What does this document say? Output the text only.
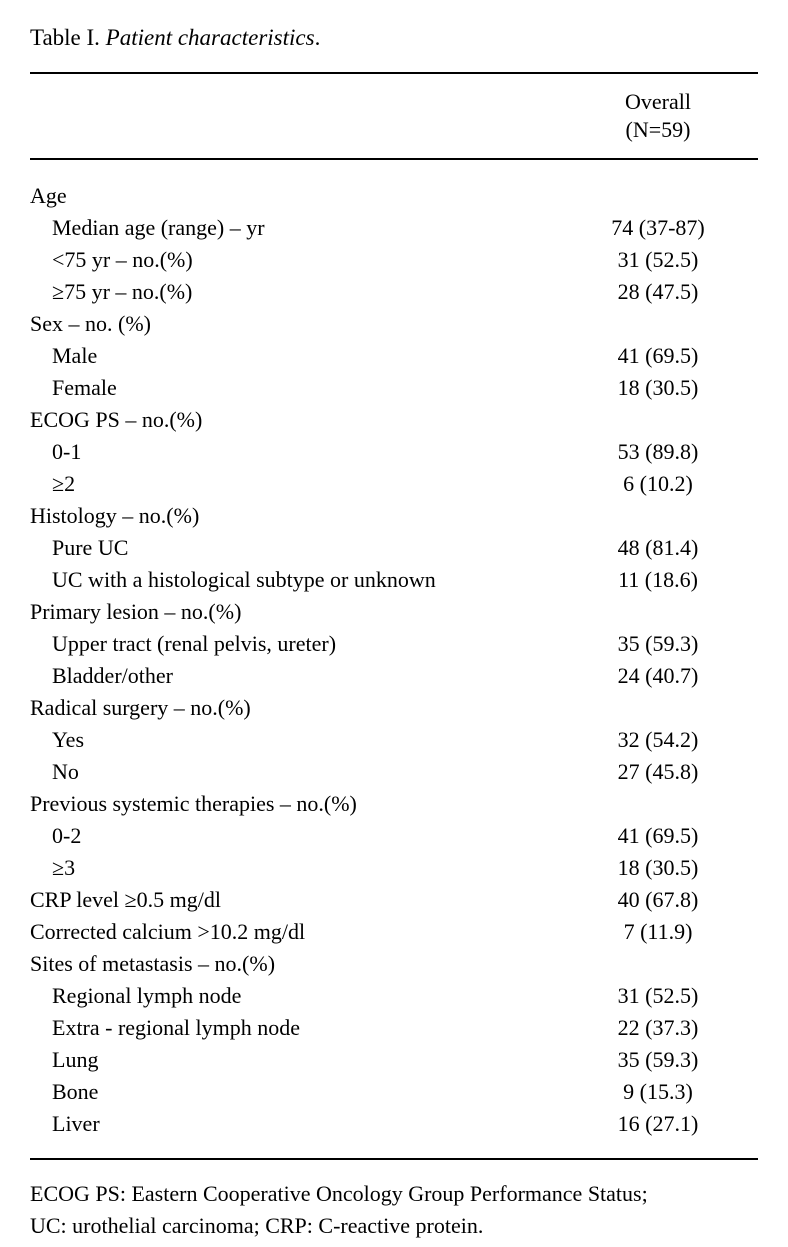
Table I. Patient characteristics.
Overall
(N=59)
Age
Median age (range) – yr	74 (37-87)
<75 yr – no.(%)	31 (52.5)
≥75 yr – no.(%)	28 (47.5)
Sex – no. (%)
Male	41 (69.5)
Female	18 (30.5)
ECOG PS – no.(%)
0-1	53 (89.8)
≥2	6 (10.2)
Histology – no.(%)
Pure UC	48 (81.4)
UC with a histological subtype or unknown	11 (18.6)
Primary lesion – no.(%)
Upper tract (renal pelvis, ureter)	35 (59.3)
Bladder/other	24 (40.7)
Radical surgery – no.(%)
Yes	32 (54.2)
No	27 (45.8)
Previous systemic therapies – no.(%)
0-2	41 (69.5)
≥3	18 (30.5)
CRP level ≥0.5 mg/dl	40 (67.8)
Corrected calcium >10.2 mg/dl	7 (11.9)
Sites of metastasis – no.(%)
Regional lymph node	31 (52.5)
Extra - regional lymph node	22 (37.3)
Lung	35 (59.3)
Bone	9 (15.3)
Liver	16 (27.1)
ECOG PS: Eastern Cooperative Oncology Group Performance Status;
UC: urothelial carcinoma; CRP: C-reactive protein.
